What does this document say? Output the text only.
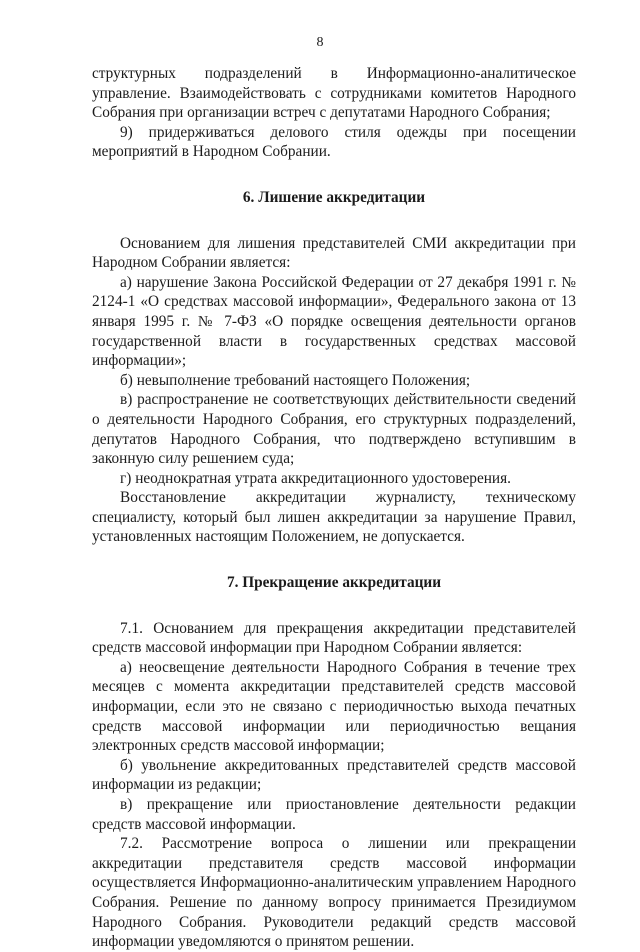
8

структурных подразделений в Информационно-аналитическое управление. Взаимодействовать с сотрудниками комитетов Народного Собрания при организации встреч с депутатами Народного Собрания;

9) придерживаться делового стиля одежды при посещении мероприятий в Народном Собрании.

6. Лишение аккредитации

Основанием для лишения представителей СМИ аккредитации при Народном Собрании является:

а) нарушение Закона Российской Федерации от 27 декабря 1991 г. № 2124-1 «О средствах массовой информации», Федерального закона от 13 января 1995 г. № 7-ФЗ «О порядке освещения деятельности органов государственной власти в государственных средствах массовой информации»;

б) невыполнение требований настоящего Положения;

в) распространение не соответствующих действительности сведений о деятельности Народного Собрания, его структурных подразделений, депутатов Народного Собрания, что подтверждено вступившим в законную силу решением суда;

г) неоднократная утрата аккредитационного удостоверения.

Восстановление аккредитации журналисту, техническому специалисту, который был лишен аккредитации за нарушение Правил, установленных настоящим Положением, не допускается.

7. Прекращение аккредитации

7.1. Основанием для прекращения аккредитации представителей средств массовой информации при Народном Собрании является:

а) неосвещение деятельности Народного Собрания в течение трех месяцев с момента аккредитации представителей средств массовой информации, если это не связано с периодичностью выхода печатных средств массовой информации или периодичностью вещания электронных средств массовой информации;

б) увольнение аккредитованных представителей средств массовой информации из редакции;

в) прекращение или приостановление деятельности редакции средств массовой информации.

7.2. Рассмотрение вопроса о лишении или прекращении аккредитации представителя средств массовой информации осуществляется Информационно-аналитическим управлением Народного Собрания. Решение по данному вопросу принимается Президиумом Народного Собрания. Руководители редакций средств массовой информации уведомляются о принятом решении.
